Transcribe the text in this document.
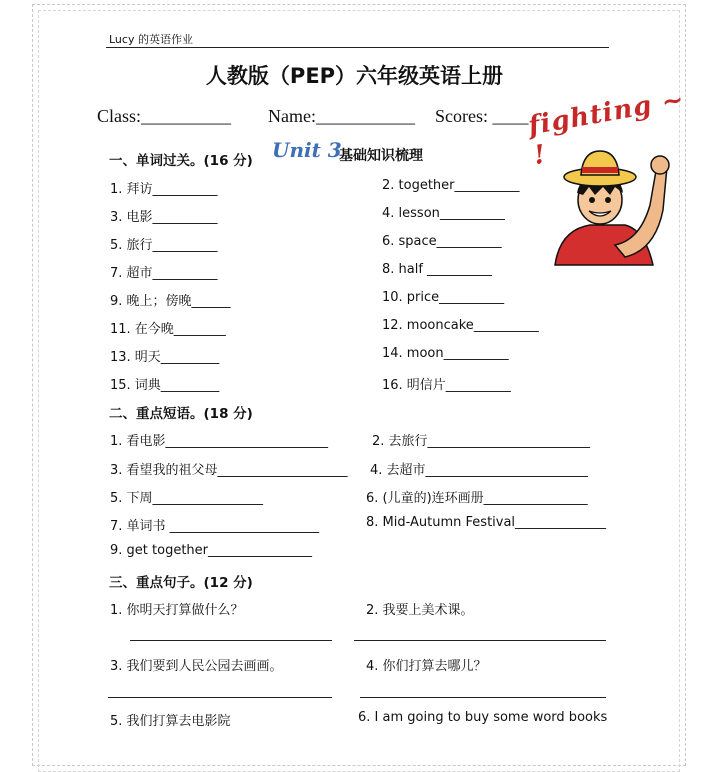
Lucy 的英语作业
人教版（PEP）六年级英语上册
Class:__________ Name:___________ Scores: ____
fighting ~ !
一、单词过关。(16 分) Unit 3
基础知识梳理
1. 拜访__________	2. together__________
3. 电影__________	4. lesson__________
5. 旅行__________	6. space__________
7. 超市__________	8. half __________
9. 晚上；傍晚______	10. price__________
11. 在今晚________	12. mooncake__________
13. 明天_________	14. moon__________
15. 词典_________	16. 明信片__________
二、重点短语。(18 分)
1. 看电影_________________________	2. 去旅行_________________________
3. 看望我的祖父母____________________ 4. 去超市_________________________
5. 下周_________________	6. (儿童的)连环画册________________
7. 单词书 _______________________	8. Mid-Autumn Festival______________
9. get together________________
三、重点句子。(12 分)
1. 你明天打算做什么？	2. 我要上美术课。
3. 我们要到人民公园去画画。	4. 你们打算去哪儿？
5. 我们打算去电影院	6. I am going to buy some word books
